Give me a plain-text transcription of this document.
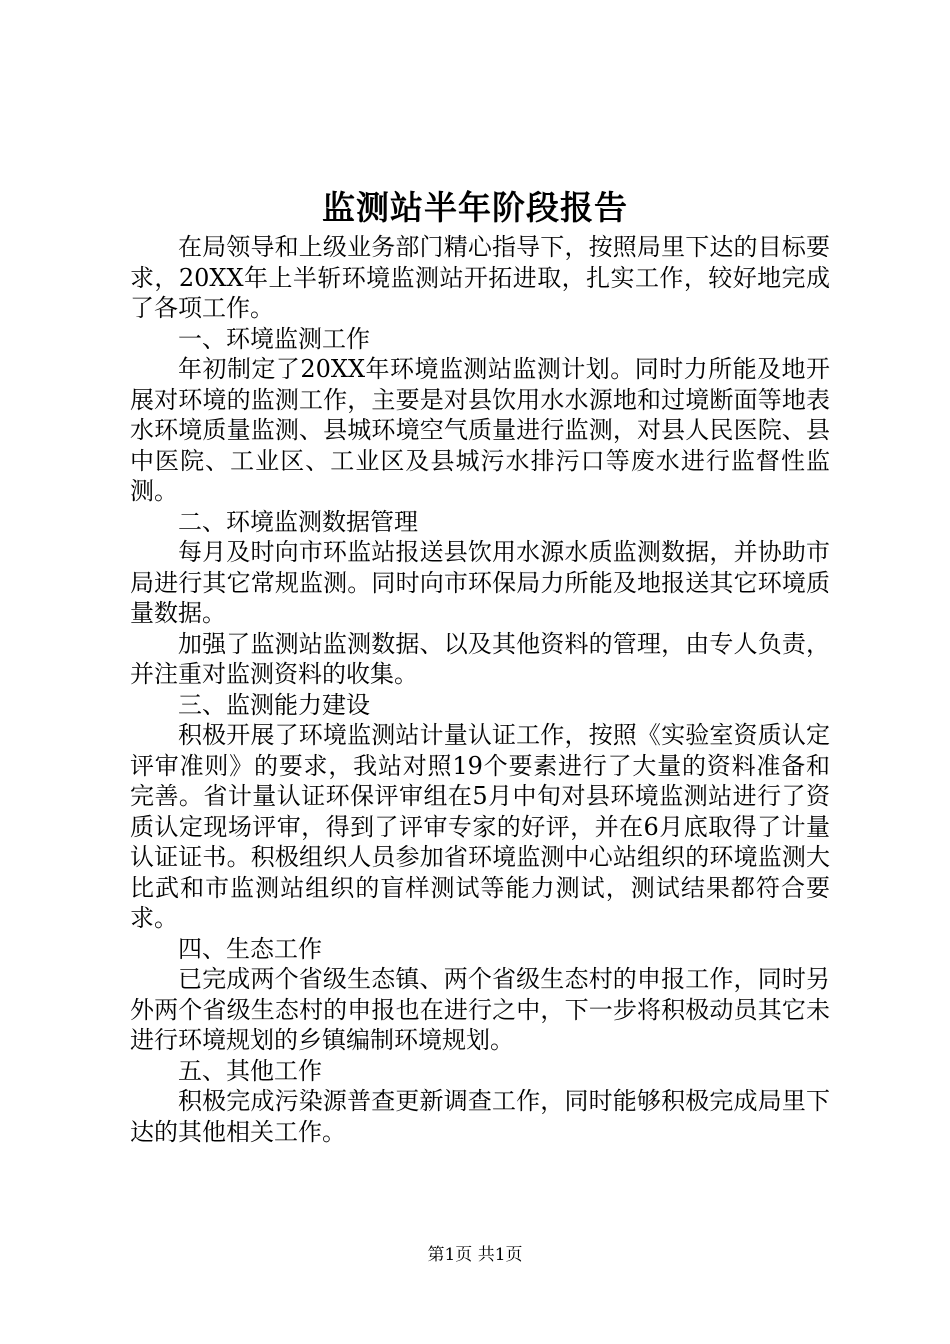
监测站半年阶段报告

在局领导和上级业务部门精心指导下，按照局里下达的目标要求，20XX年上半斩环境监测站开拓进取，扎实工作，较好地完成了各项工作。

一、环境监测工作

年初制定了20XX年环境监测站监测计划。同时力所能及地开展对环境的监测工作，主要是对县饮用水水源地和过境断面等地表水环境质量监测、县城环境空气质量进行监测，对县人民医院、县中医院、工业区、工业区及县城污水排污口等废水进行监督性监测。

二、环境监测数据管理

每月及时向市环监站报送县饮用水源水质监测数据，并协助市局进行其它常规监测。同时向市环保局力所能及地报送其它环境质量数据。

加强了监测站监测数据、以及其他资料的管理，由专人负责，并注重对监测资料的收集。

三、监测能力建设

积极开展了环境监测站计量认证工作，按照《实验室资质认定评审准则》的要求，我站对照19个要素进行了大量的资料准备和完善。省计量认证环保评审组在5月中旬对县环境监测站进行了资质认定现场评审，得到了评审专家的好评，并在6月底取得了计量认证证书。积极组织人员参加省环境监测中心站组织的环境监测大比武和市监测站组织的盲样测试等能力测试，测试结果都符合要求。

四、生态工作

已完成两个省级生态镇、两个省级生态村的申报工作，同时另外两个省级生态村的申报也在进行之中，下一步将积极动员其它未进行环境规划的乡镇编制环境规划。

五、其他工作

积极完成污染源普查更新调查工作，同时能够积极完成局里下达的其他相关工作。

第1页 共1页
